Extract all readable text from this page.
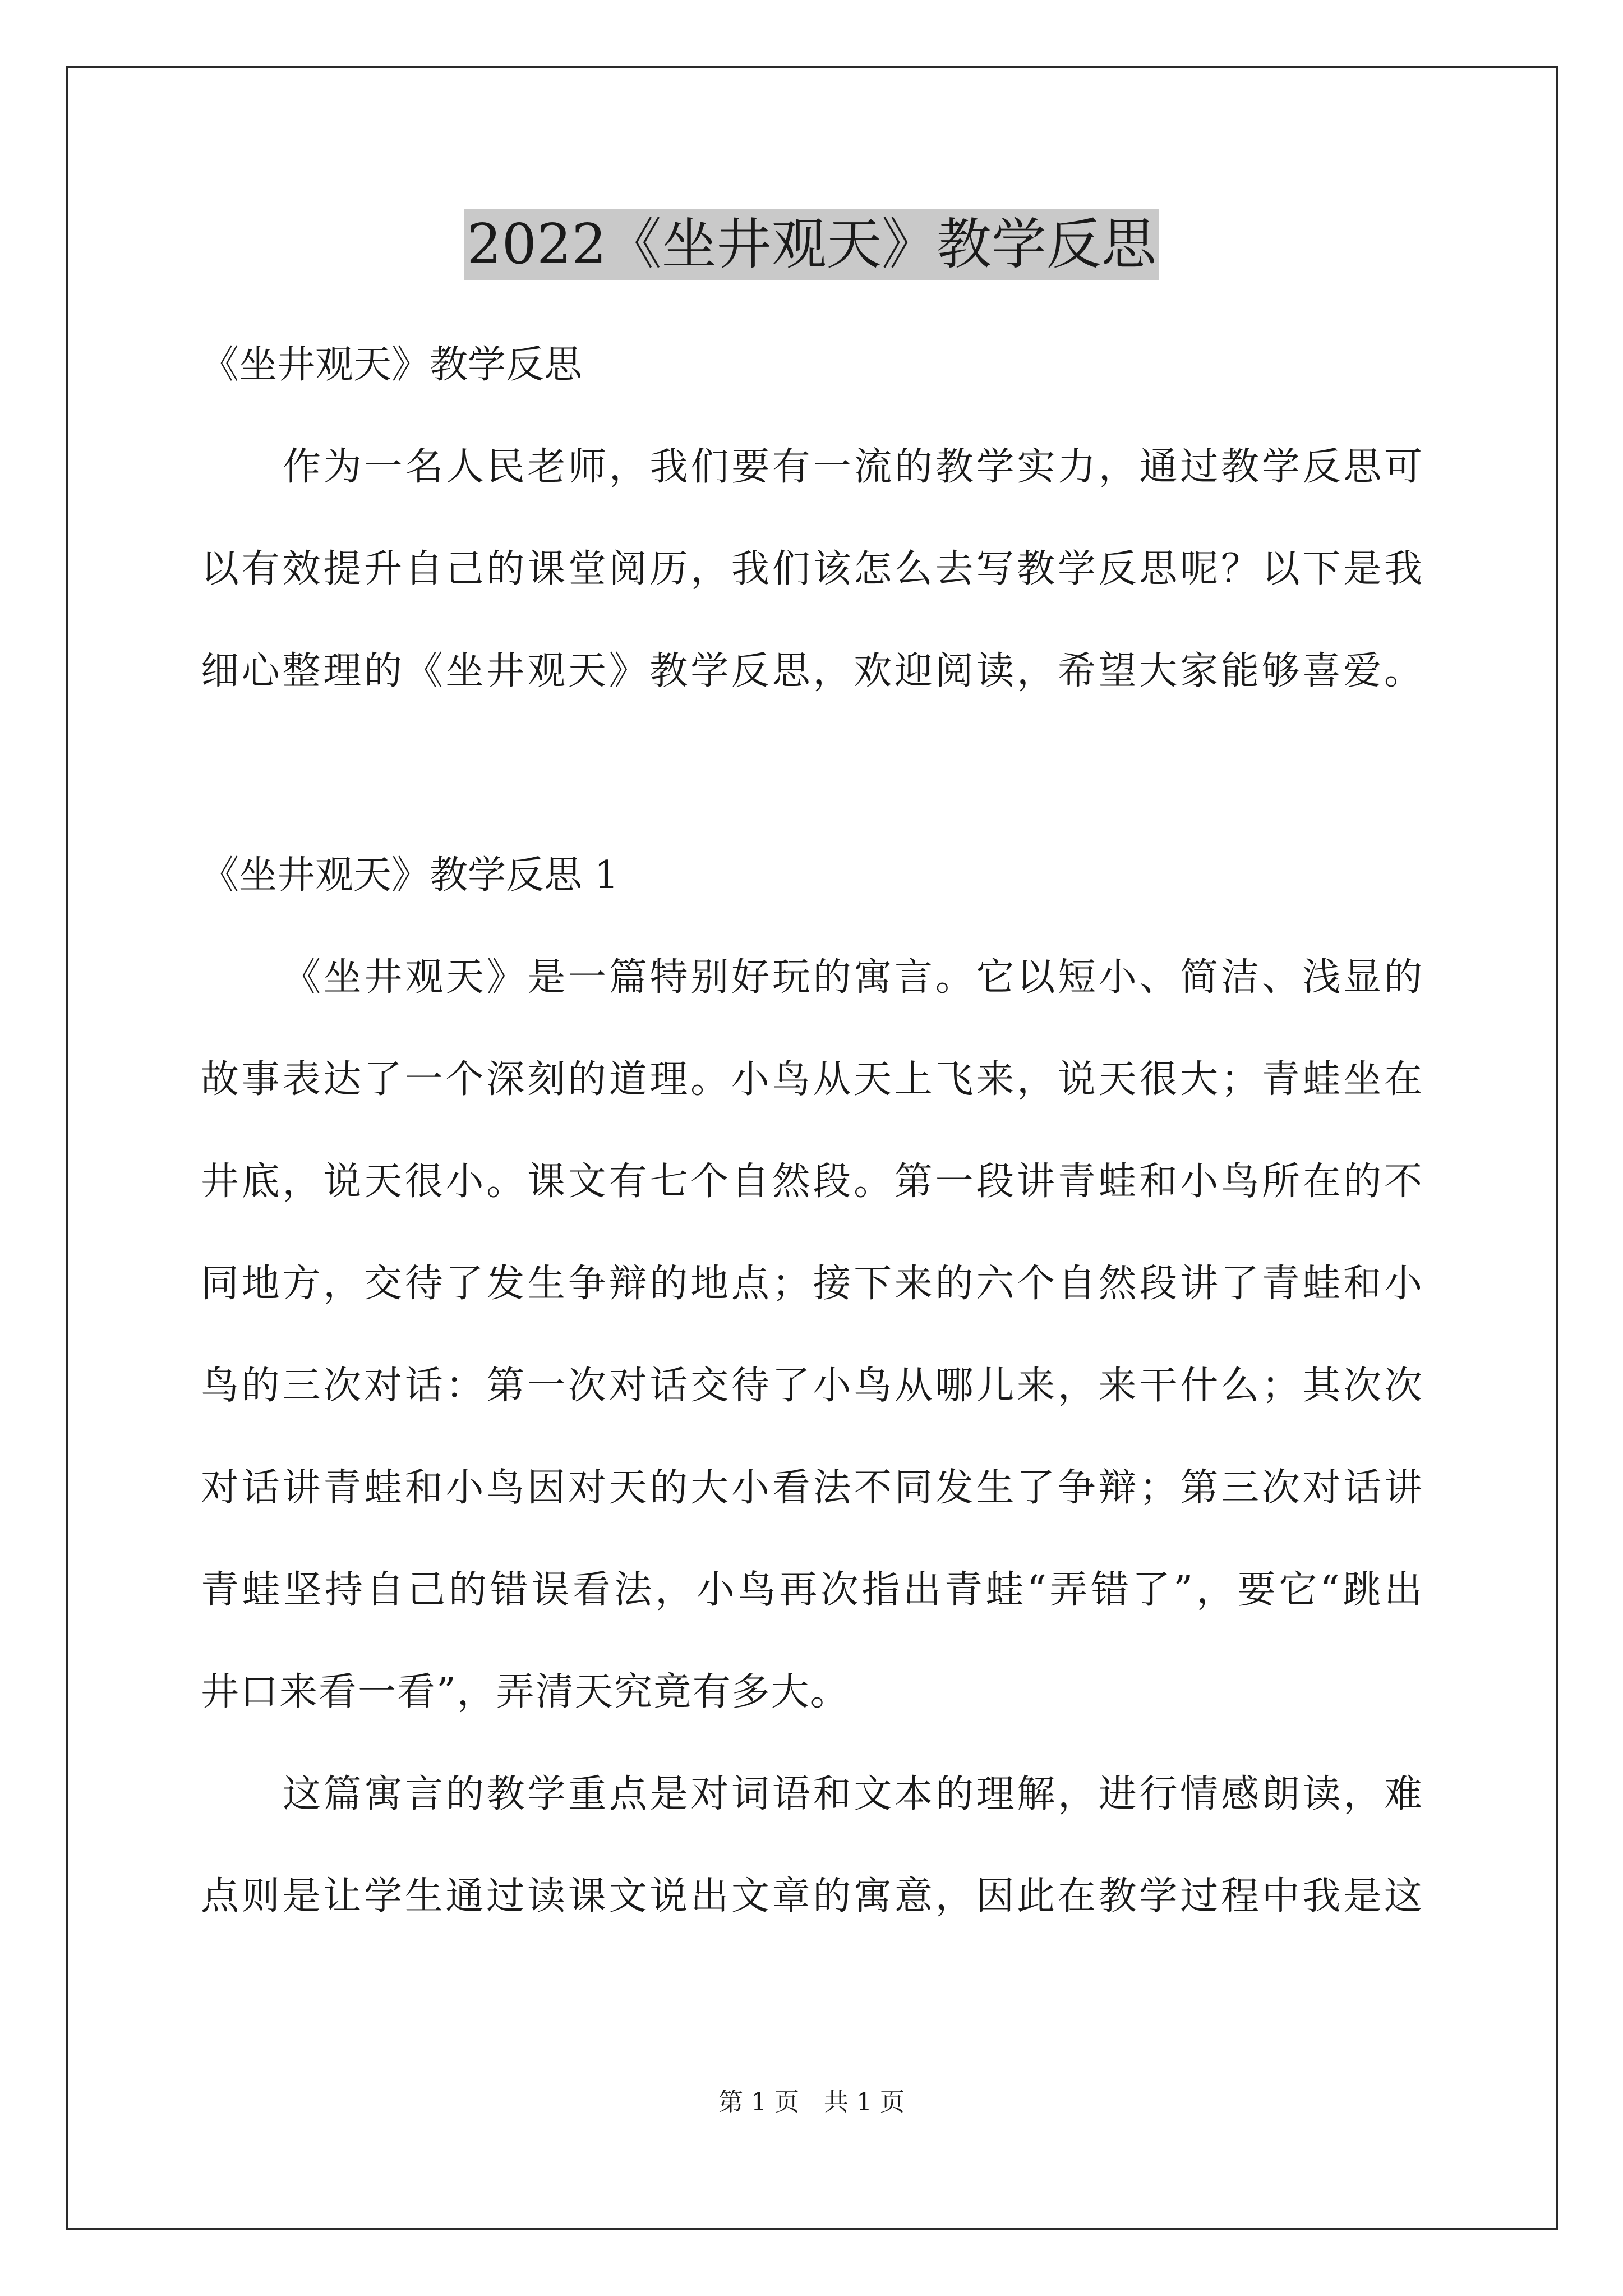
2022《坐井观天》教学反思
《坐井观天》教学反思
作为一名人民老师，我们要有一流的教学实力，通过教学反思可
以有效提升自己的课堂阅历，我们该怎么去写教学反思呢？以下是我
细心整理的《坐井观天》教学反思，欢迎阅读，希望大家能够喜爱。
《坐井观天》教学反思 1
《坐井观天》是一篇特别好玩的寓言。它以短小、简洁、浅显的
故事表达了一个深刻的道理。小鸟从天上飞来，说天很大；青蛙坐在
井底，说天很小。课文有七个自然段。第一段讲青蛙和小鸟所在的不
同地方，交待了发生争辩的地点；接下来的六个自然段讲了青蛙和小
鸟的三次对话：第一次对话交待了小鸟从哪儿来，来干什么；其次次
对话讲青蛙和小鸟因对天的大小看法不同发生了争辩；第三次对话讲
青蛙坚持自己的错误看法，小鸟再次指出青蛙“弄错了”，要它“跳出
井口来看一看”，弄清天究竟有多大。
这篇寓言的教学重点是对词语和文本的理解，进行情感朗读，难
点则是让学生通过读课文说出文章的寓意，因此在教学过程中我是这
第 1 页　共 1 页
